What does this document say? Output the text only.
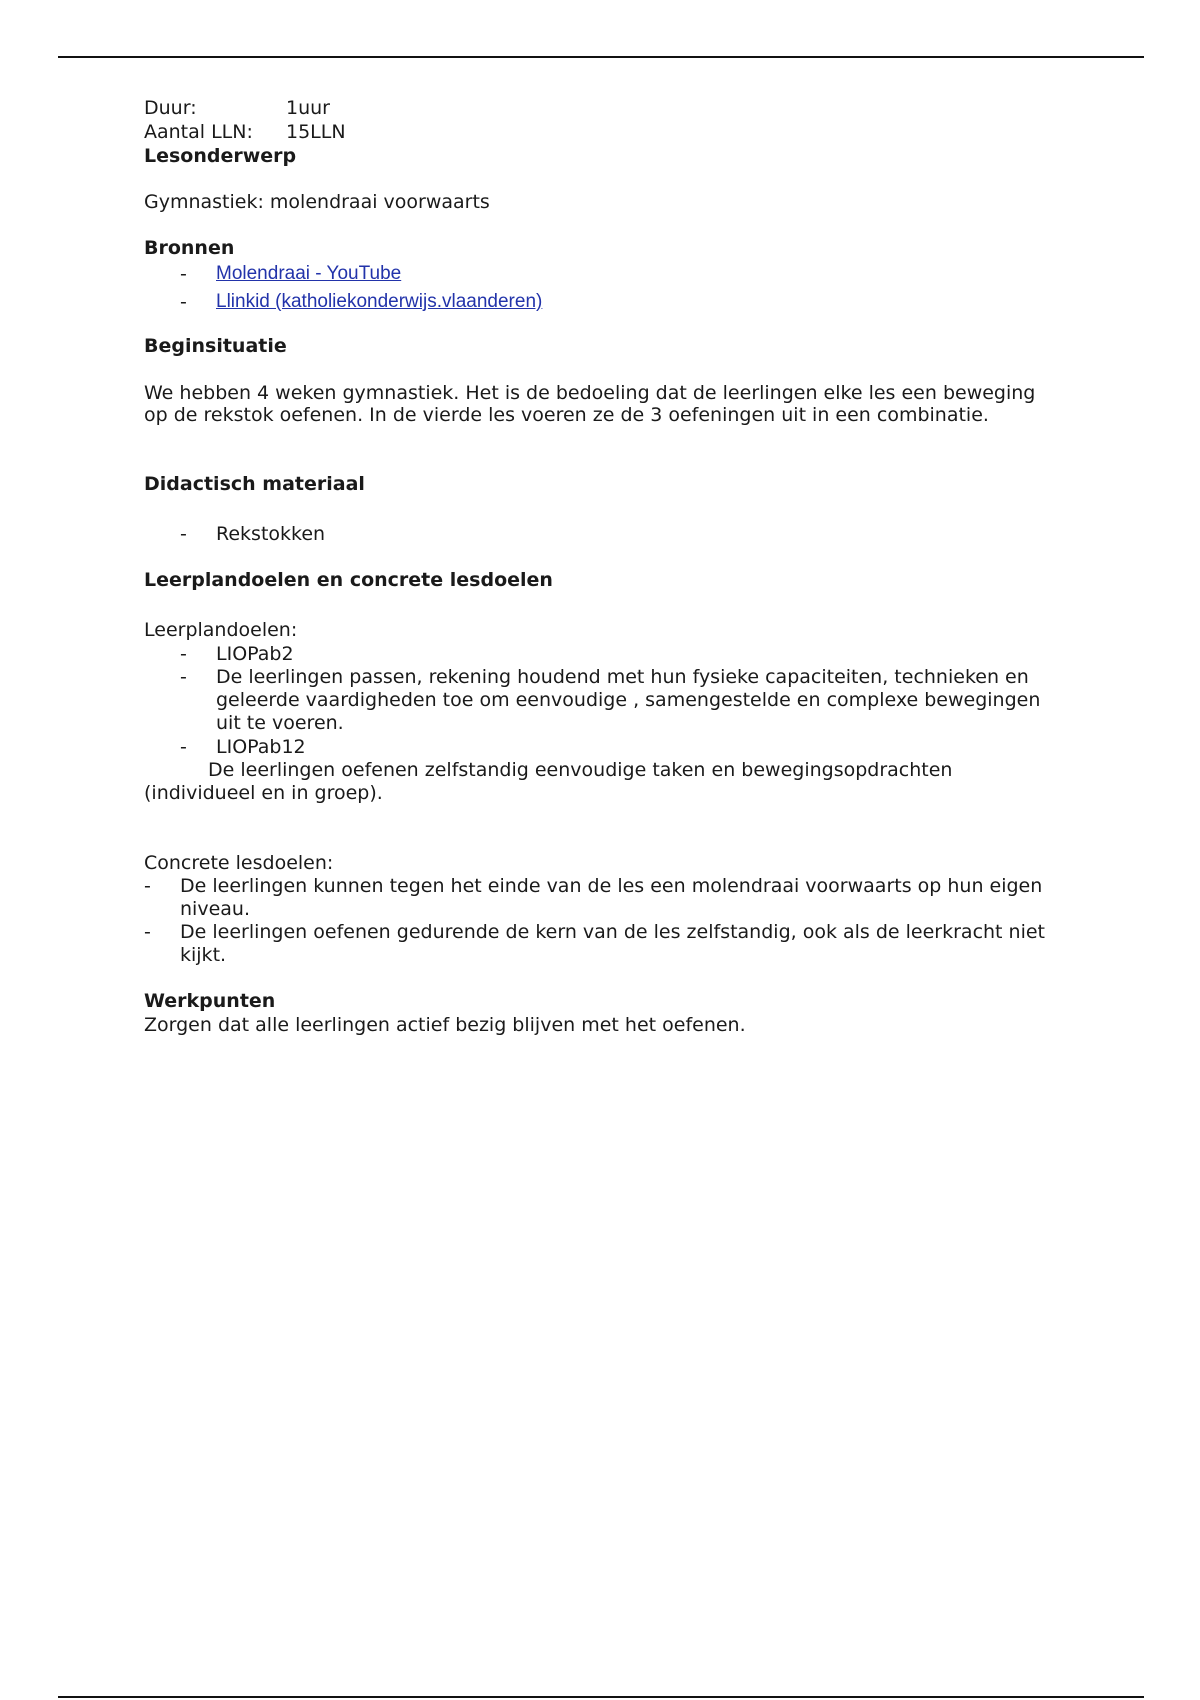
Duur:	1uur
Aantal LLN:	15LLN
Lesonderwerp

Gymnastiek: molendraai voorwaarts

Bronnen
-	Molendraai - YouTube
-	Llinkid (katholiekonderwijs.vlaanderen)
Beginsituatie

We hebben 4 weken gymnastiek. Het is de bedoeling dat de leerlingen elke les een beweging op de rekstok oefenen. In de vierde les voeren ze de 3 oefeningen uit in een combinatie.

Didactisch materiaal
-	Rekstokken
Leerplandoelen en concrete lesdoelen

Leerplandoelen:

-	LIOPab2
-	De leerlingen passen, rekening houdend met hun fysieke capaciteiten, technieken en geleerde vaardigheden toe om eenvoudige , samengestelde en complexe bewegingen uit te voeren.
-	LIOPab12

De leerlingen oefenen zelfstandig eenvoudige taken en bewegingsopdrachten (individueel en in groep).

Concrete lesdoelen:

-	De leerlingen kunnen tegen het einde van de les een molendraai voorwaarts op hun eigen niveau.
-	De leerlingen oefenen gedurende de kern van de les zelfstandig, ook als de leerkracht niet kijkt.
Werkpunten

Zorgen dat alle leerlingen actief bezig blijven met het oefenen.
